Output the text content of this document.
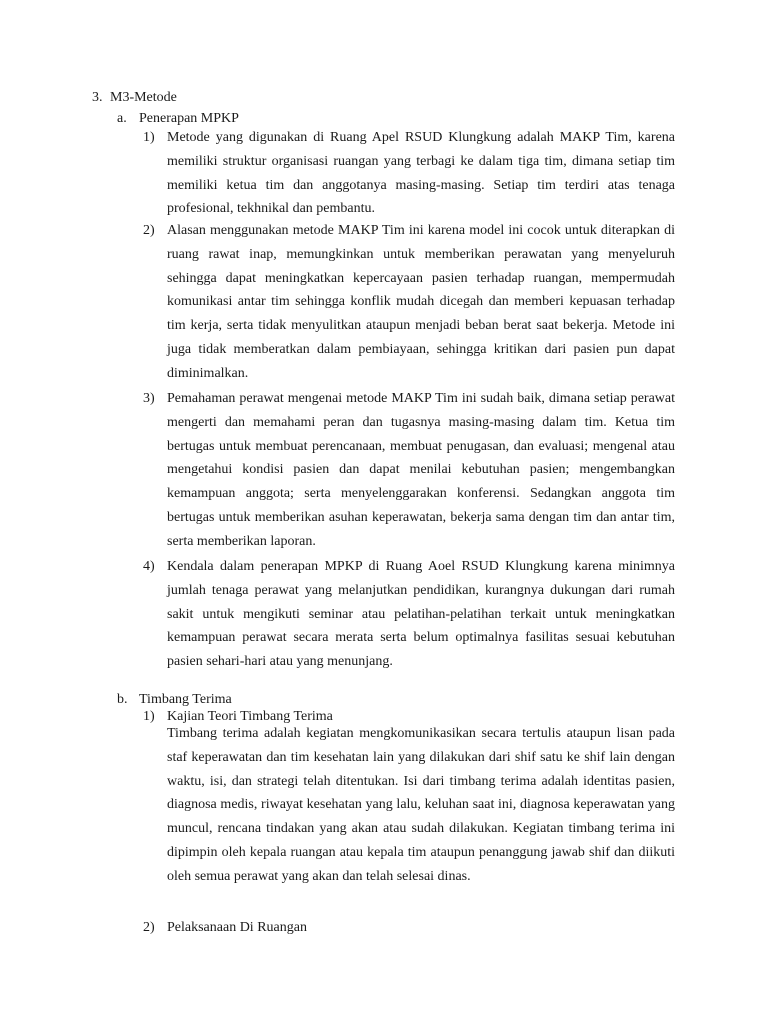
3. M3-Metode
a. Penerapan MPKP
1) Metode yang digunakan di Ruang Apel RSUD Klungkung adalah MAKP Tim, karena memiliki struktur organisasi ruangan yang terbagi ke dalam tiga tim, dimana setiap tim memiliki ketua tim dan anggotanya masing-masing. Setiap tim terdiri atas tenaga profesional, tekhnikal dan pembantu.

2) Alasan menggunakan metode MAKP Tim ini karena model ini cocok untuk diterapkan di ruang rawat inap, memungkinkan untuk memberikan perawatan yang menyeluruh sehingga dapat meningkatkan kepercayaan pasien terhadap ruangan, mempermudah komunikasi antar tim sehingga konflik mudah dicegah dan memberi kepuasan terhadap tim kerja, serta tidak menyulitkan ataupun menjadi beban berat saat bekerja. Metode ini juga tidak memberatkan dalam pembiayaan, sehingga kritikan dari pasien pun dapat diminimalkan.

3) Pemahaman perawat mengenai metode MAKP Tim ini sudah baik, dimana setiap perawat mengerti dan memahami peran dan tugasnya masing-masing dalam tim. Ketua tim bertugas untuk membuat perencanaan, membuat penugasan, dan evaluasi; mengenal atau mengetahui kondisi pasien dan dapat menilai kebutuhan pasien; mengembangkan kemampuan anggota; serta menyelenggarakan konferensi. Sedangkan anggota tim bertugas untuk memberikan asuhan keperawatan, bekerja sama dengan tim dan antar tim, serta memberikan laporan.

4) Kendala dalam penerapan MPKP di Ruang Aoel RSUD Klungkung karena minimnya jumlah tenaga perawat yang melanjutkan pendidikan, kurangnya dukungan dari rumah sakit untuk mengikuti seminar atau pelatihan-pelatihan terkait untuk meningkatkan kemampuan perawat secara merata serta belum optimalnya fasilitas sesuai kebutuhan pasien sehari-hari atau yang menunjang.

b. Timbang Terima
1) Kajian Teori Timbang Terima

Timbang terima adalah kegiatan mengkomunikasikan secara tertulis ataupun lisan pada staf keperawatan dan tim kesehatan lain yang dilakukan dari shif satu ke shif lain dengan waktu, isi, dan strategi telah ditentukan. Isi dari timbang terima adalah identitas pasien, diagnosa medis, riwayat kesehatan yang lalu, keluhan saat ini, diagnosa keperawatan yang muncul, rencana tindakan yang akan atau sudah dilakukan. Kegiatan timbang terima ini dipimpin oleh kepala ruangan atau kepala tim ataupun penanggung jawab shif dan diikuti oleh semua perawat yang akan dan telah selesai dinas.

2) Pelaksanaan Di Ruangan
